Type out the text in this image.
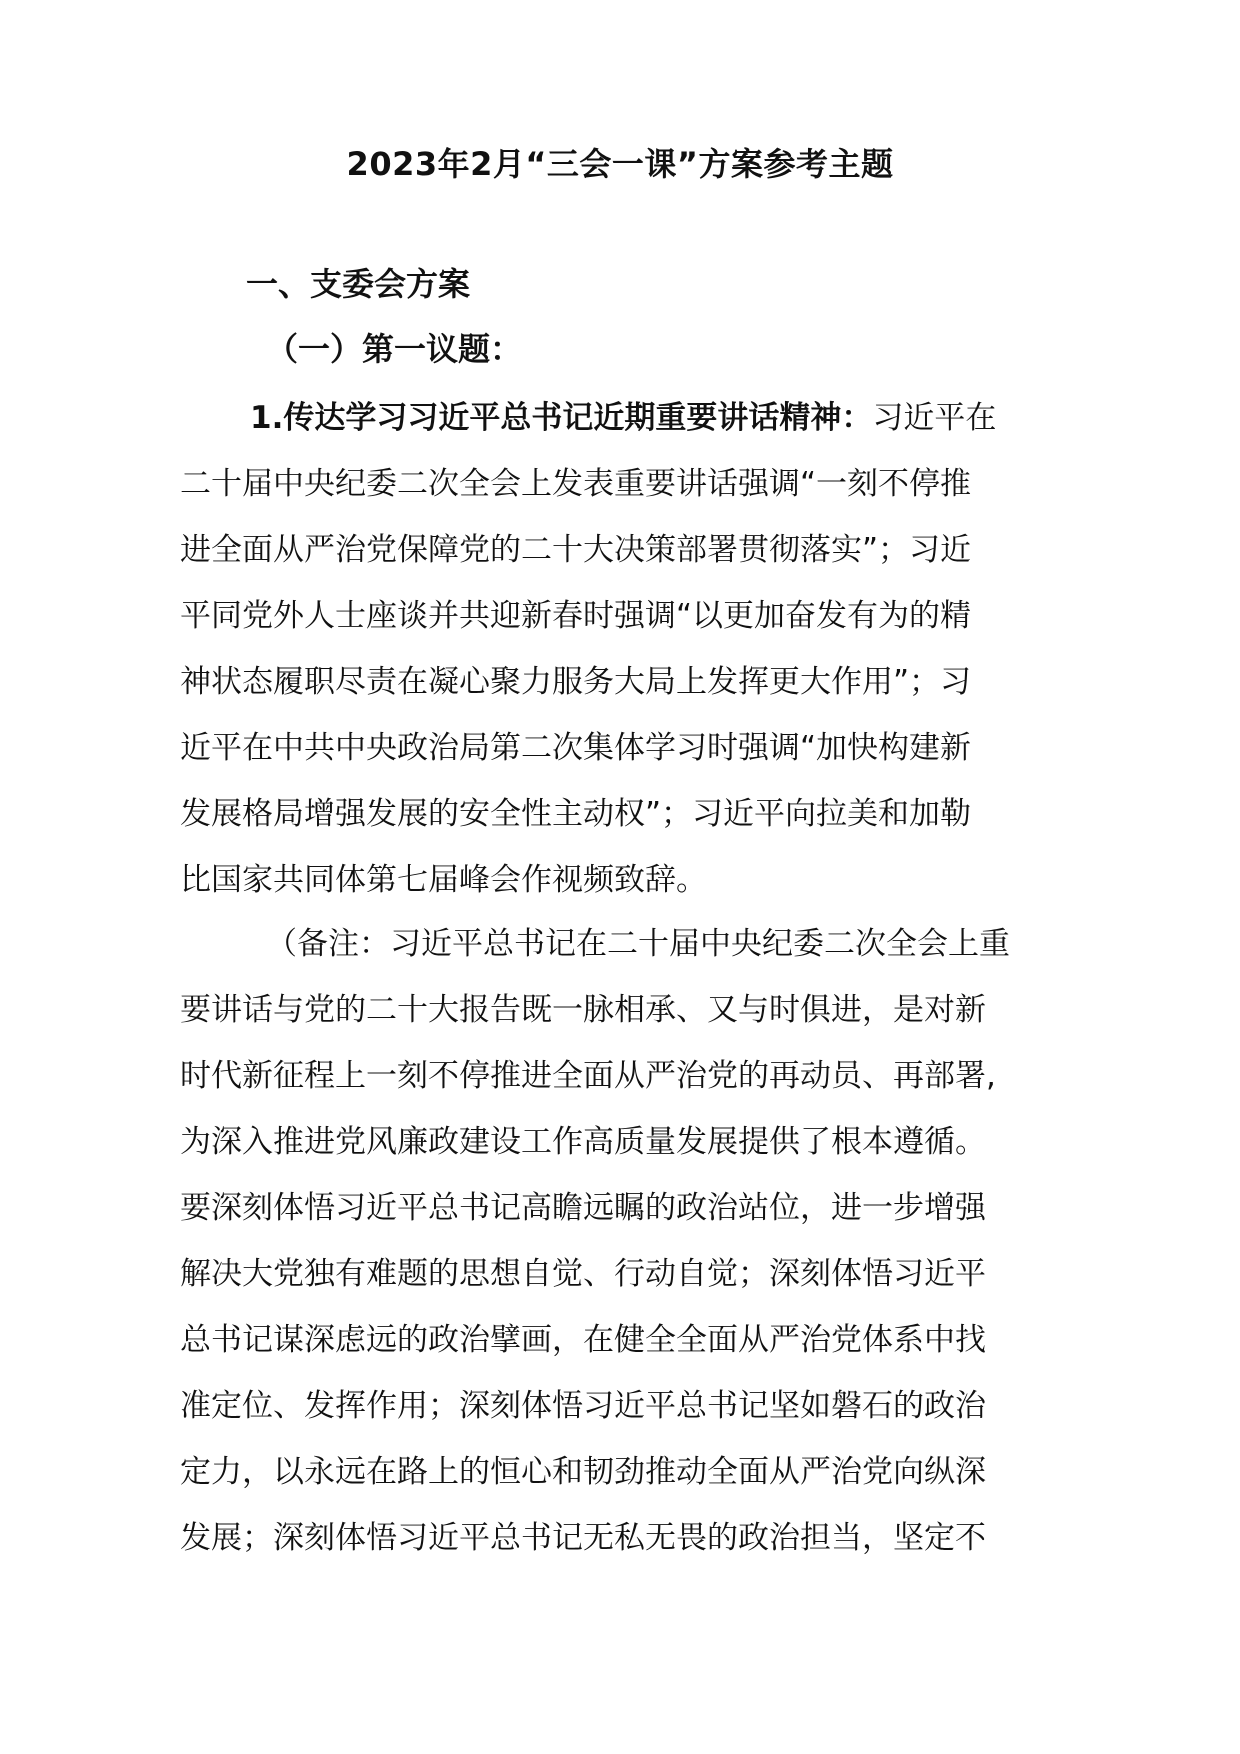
2023年2月“三会一课”方案参考主题
一、支委会方案
（一）第一议题：
1.传达学习习近平总书记近期重要讲话精神：习近平在
二十届中央纪委二次全会上发表重要讲话强调“一刻不停推
进全面从严治党保障党的二十大决策部署贯彻落实”；习近
平同党外人士座谈并共迎新春时强调“以更加奋发有为的精
神状态履职尽责在凝心聚力服务大局上发挥更大作用”；习
近平在中共中央政治局第二次集体学习时强调“加快构建新
发展格局增强发展的安全性主动权”；习近平向拉美和加勒
比国家共同体第七届峰会作视频致辞。
（备注：习近平总书记在二十届中央纪委二次全会上重
要讲话与党的二十大报告既一脉相承、又与时俱进，是对新
时代新征程上一刻不停推进全面从严治党的再动员、再部署,
为深入推进党风廉政建设工作高质量发展提供了根本遵循。
要深刻体悟习近平总书记高瞻远瞩的政治站位，进一步增强
解决大党独有难题的思想自觉、行动自觉；深刻体悟习近平
总书记谋深虑远的政治擘画，在健全全面从严治党体系中找
准定位、发挥作用；深刻体悟习近平总书记坚如磐石的政治
定力，以永远在路上的恒心和韧劲推动全面从严治党向纵深
发展；深刻体悟习近平总书记无私无畏的政治担当，坚定不
